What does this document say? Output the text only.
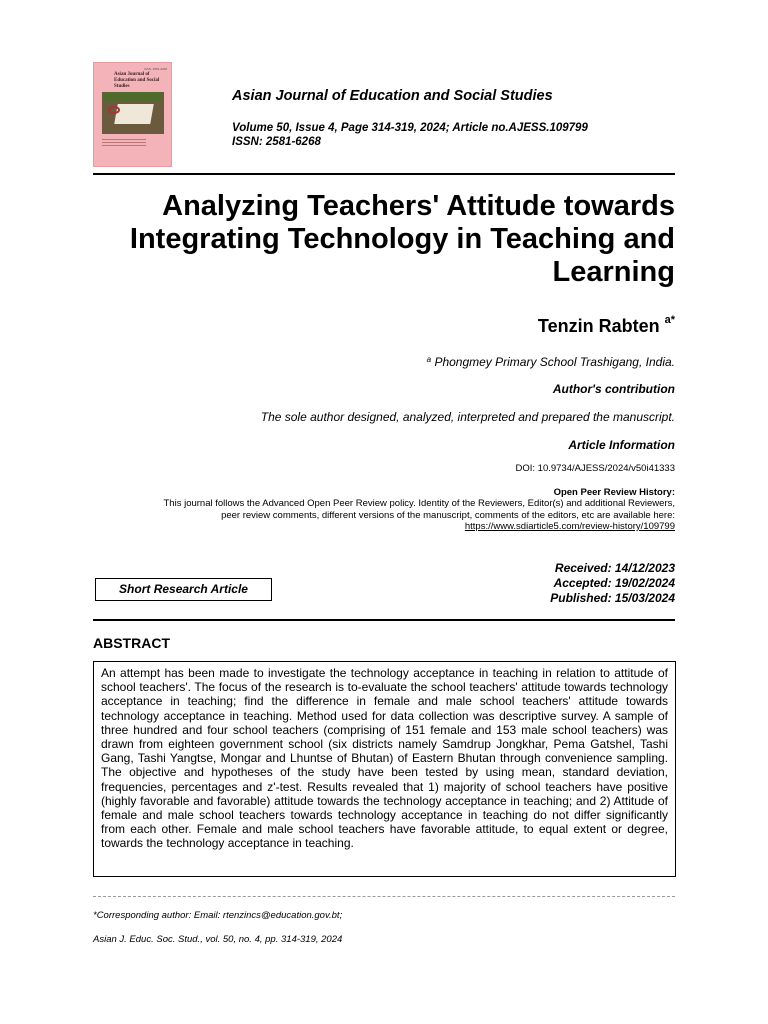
ISSN: 2581-6268
Asian Journal of
Education and Social Studies
Asian Journal of Education and Social Studies
Volume 50, Issue 4, Page 314-319, 2024; Article no.AJESS.109799
ISSN: 2581-6268
Analyzing Teachers' Attitude towards
Integrating Technology in Teaching and
Learning
Tenzin Rabten $^{a*}$
$^a$ Phongmey Primary School Trashigang, India.
Author's contribution
The sole author designed, analyzed, interpreted and prepared the manuscript.
Article Information
DOI: 10.9734/AJESS/2024/v50i41333
Open Peer Review History:
This journal follows the Advanced Open Peer Review policy. Identity of the Reviewers, Editor(s) and additional Reviewers,
peer review comments, different versions of the manuscript, comments of the editors, etc are available here:
https://www.sdiarticle5.com/review-history/109799
Short Research Article
Received: 14/12/2023
Accepted: 19/02/2024
Published: 15/03/2024
ABSTRACT

An attempt has been made to investigate the technology acceptance in teaching in relation to attitude of school teachers'. The focus of the research is to-evaluate the school teachers' attitude towards technology acceptance in teaching; find the difference in female and male school teachers' attitude towards technology acceptance in teaching. Method used for data collection was descriptive survey. A sample of three hundred and four school teachers (comprising of 151 female and 153 male school teachers) was drawn from eighteen government school (six districts namely Samdrup Jongkhar, Pema Gatshel, Tashi Gang, Tashi Yangtse, Mongar and Lhuntse of Bhutan) of Eastern Bhutan through convenience sampling. The objective and hypotheses of the study have been tested by using mean, standard deviation, frequencies, percentages and z'-test. Results revealed that 1) majority of school teachers have positive (highly favorable and favorable) attitude towards the technology acceptance in teaching; and 2) Attitude of female and male school teachers towards technology acceptance in teaching do not differ significantly from each other. Female and male school teachers have favorable attitude, to equal extent or degree, towards the technology acceptance in teaching.

*Corresponding author: Email: rtenzincs@education.gov.bt;
Asian J. Educ. Soc. Stud., vol. 50, no. 4, pp. 314-319, 2024
